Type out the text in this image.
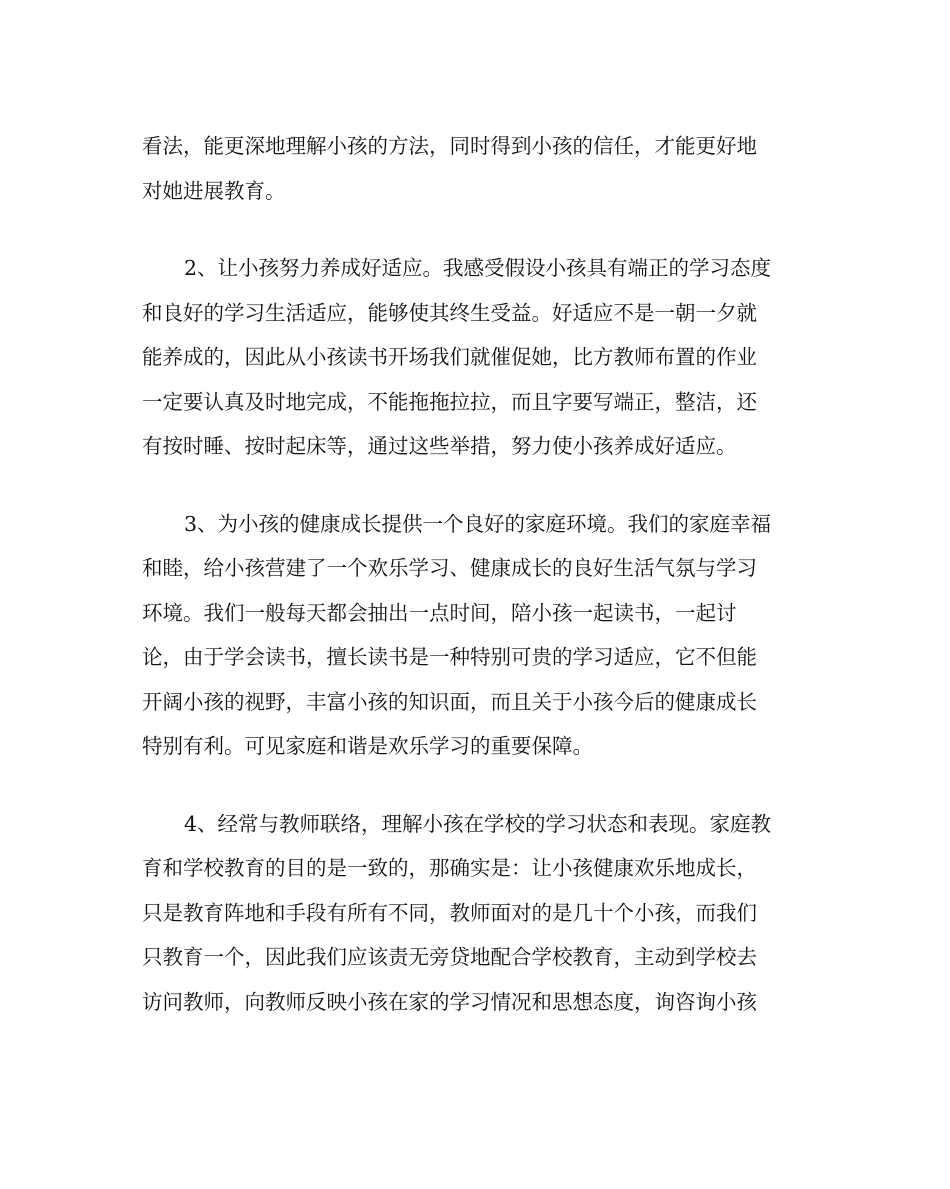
看法，能更深地理解小孩的方法，同时得到小孩的信任，才能更好地
对她进展教育。

2、让小孩努力养成好适应。我感受假设小孩具有端正的学习态度
和良好的学习生活适应，能够使其终生受益。好适应不是一朝一夕就
能养成的，因此从小孩读书开场我们就催促她，比方教师布置的作业
一定要认真及时地完成，不能拖拖拉拉，而且字要写端正，整洁，还
有按时睡、按时起床等，通过这些举措，努力使小孩养成好适应。

3、为小孩的健康成长提供一个良好的家庭环境。我们的家庭幸福
和睦，给小孩营建了一个欢乐学习、健康成长的良好生活气氛与学习
环境。我们一般每天都会抽出一点时间，陪小孩一起读书，一起讨
论，由于学会读书，擅长读书是一种特别可贵的学习适应，它不但能
开阔小孩的视野，丰富小孩的知识面，而且关于小孩今后的健康成长
特别有利。可见家庭和谐是欢乐学习的重要保障。

4、经常与教师联络，理解小孩在学校的学习状态和表现。家庭教
育和学校教育的目的是一致的，那确实是：让小孩健康欢乐地成长，
只是教育阵地和手段有所有不同，教师面对的是几十个小孩，而我们
只教育一个，因此我们应该责无旁贷地配合学校教育，主动到学校去
访问教师，向教师反映小孩在家的学习情况和思想态度，询咨询小孩
